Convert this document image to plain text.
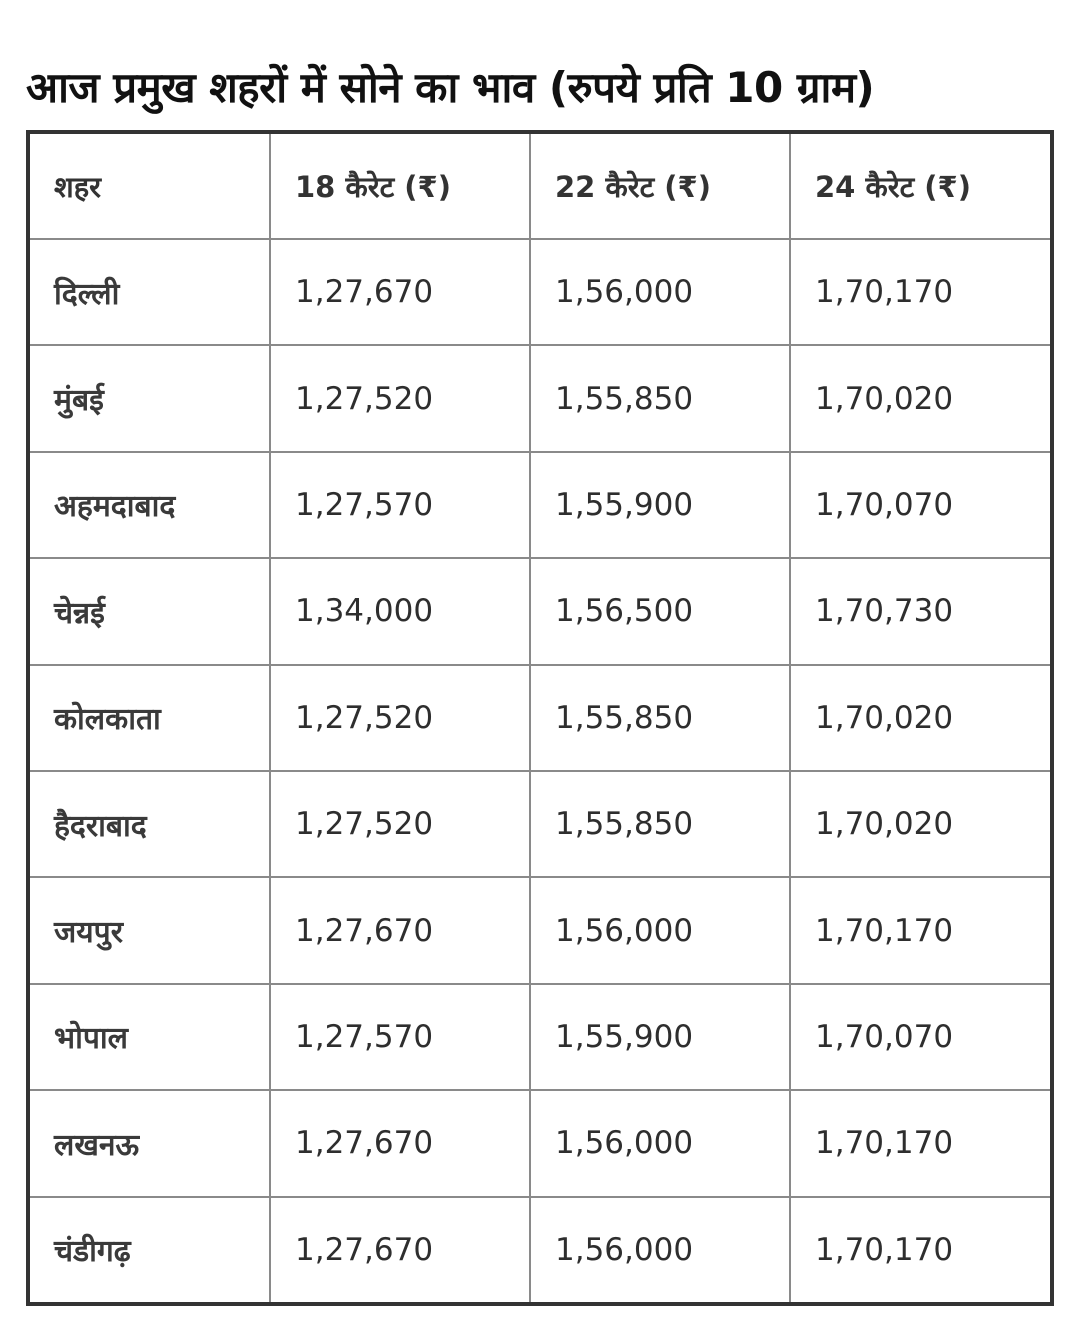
आज प्रमुख शहरों में सोने का भाव (रुपये प्रति 10 ग्राम)
शहर	18 कैरेट (₹)	22 कैरेट (₹)	24 कैरेट (₹)
दिल्ली	1,27,670	1,56,000	1,70,170
मुंबई	1,27,520	1,55,850	1,70,020
अहमदाबाद	1,27,570	1,55,900	1,70,070
चेन्नई	1,34,000	1,56,500	1,70,730
कोलकाता	1,27,520	1,55,850	1,70,020
हैदराबाद	1,27,520	1,55,850	1,70,020
जयपुर	1,27,670	1,56,000	1,70,170
भोपाल	1,27,570	1,55,900	1,70,070
लखनऊ	1,27,670	1,56,000	1,70,170
चंडीगढ़	1,27,670	1,56,000	1,70,170
